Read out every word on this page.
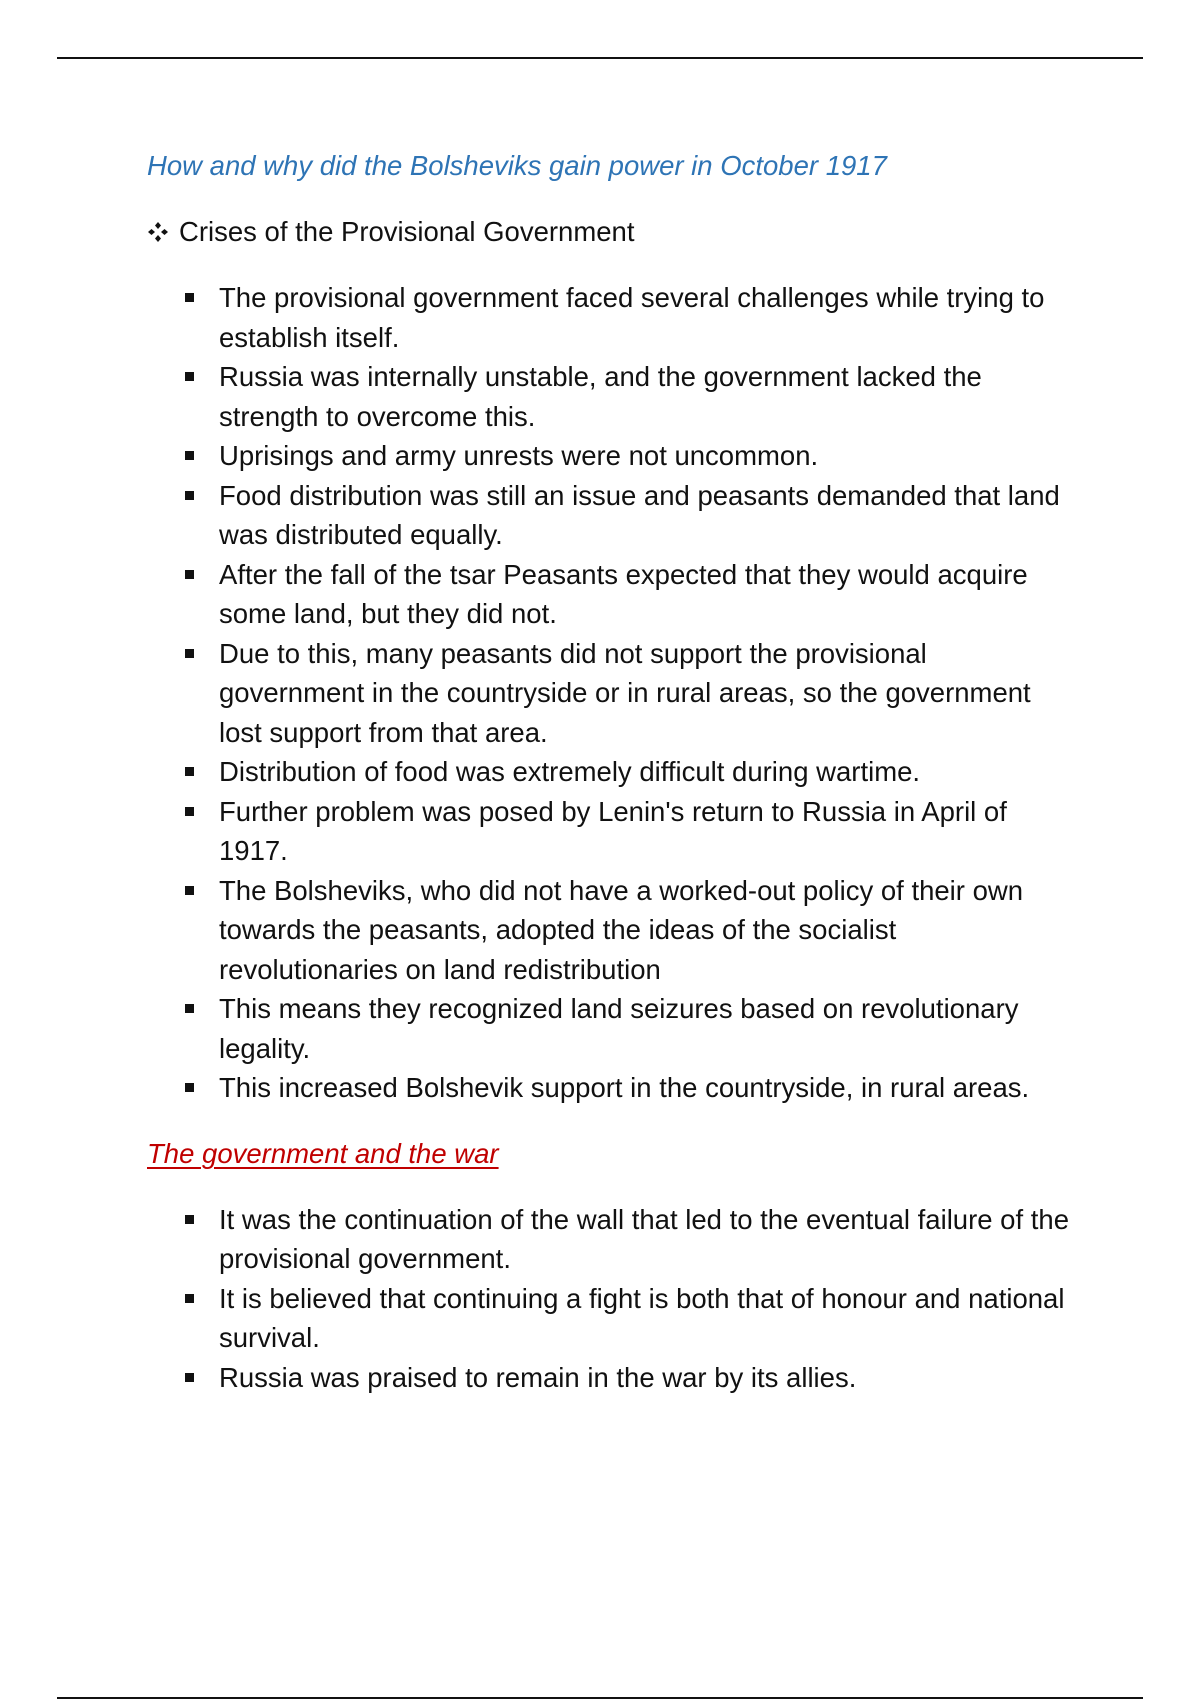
How and why did the Bolsheviks gain power in October 1917
Crises of the Provisional Government
The provisional government faced several challenges while trying to establish itself.
Russia was internally unstable, and the government lacked the strength to overcome this.
Uprisings and army unrests were not uncommon.
Food distribution was still an issue and peasants demanded that land was distributed equally.
After the fall of the tsar Peasants expected that they would acquire some land, but they did not.
Due to this, many peasants did not support the provisional government in the countryside or in rural areas, so the government lost support from that area.
Distribution of food was extremely difficult during wartime.
Further problem was posed by Lenin's return to Russia in April of 1917.
The Bolsheviks, who did not have a worked-out policy of their own towards the peasants, adopted the ideas of the socialist revolutionaries on land redistribution
This means they recognized land seizures based on revolutionary legality.
This increased Bolshevik support in the countryside, in rural areas.
The government and the war
It was the continuation of the wall that led to the eventual failure of the provisional government.
It is believed that continuing a fight is both that of honour and national survival.
Russia was praised to remain in the war by its allies.
